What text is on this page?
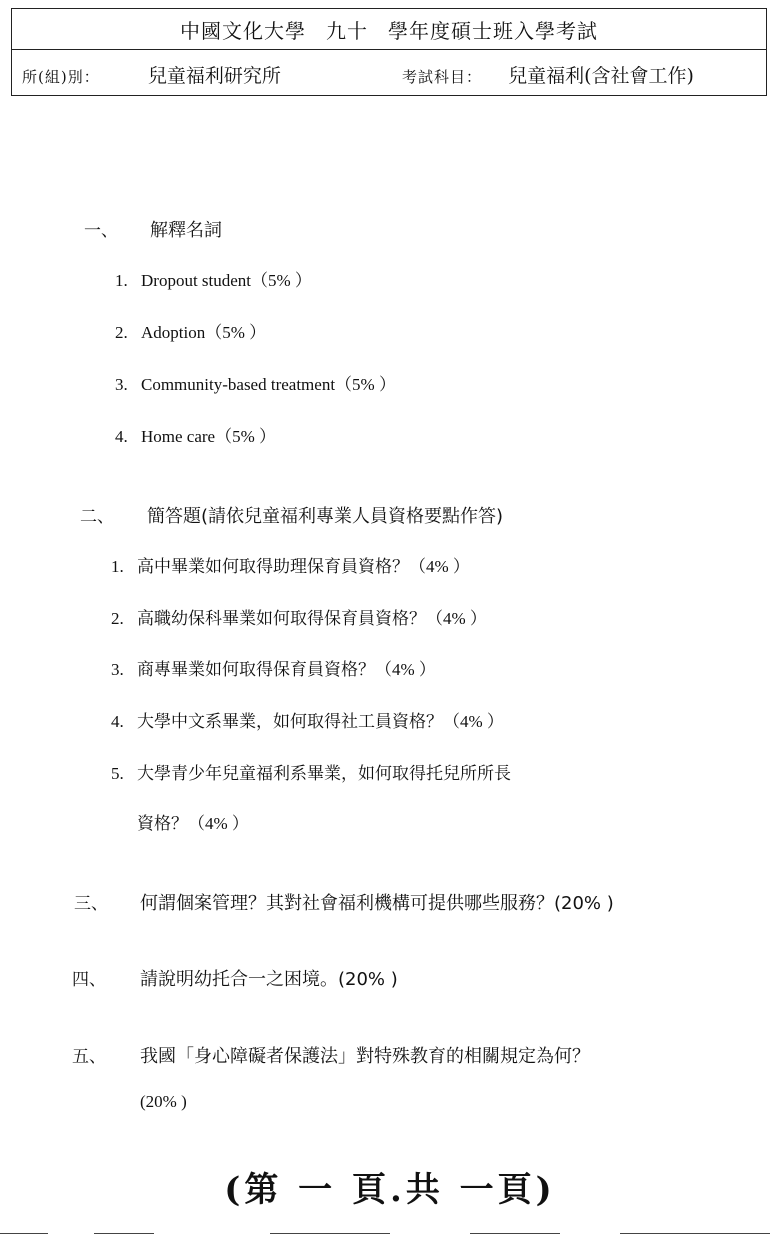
中國文化大學 九十 學年度碩士班入學考試
所(組)別：	兒童福利研究所	考試科目： 兒童福利(含社會工作)
一、 解釋名詞
1. Dropout student（5% ）
2. Adoption（5% ）
3. Community-based treatment（5% ）
4. Home care（5% ）
二、 簡答題(請依兒童福利專業人員資格要點作答)
1. 高中畢業如何取得助理保育員資格？（4% ）
2. 高職幼保科畢業如何取得保育員資格？（4% ）
3. 商專畢業如何取得保育員資格？（4% ）
4. 大學中文系畢業，如何取得社工員資格？（4% ）
5. 大學青少年兒童福利系畢業，如何取得托兒所所長
資格？（4% ）
三、 何謂個案管理？其對社會福利機構可提供哪些服務？(20% )
四、 請說明幼托合一之困境。(20% )
五、 我國「身心障礙者保護法」對特殊教育的相關規定為何？
(20% )
(第 一 頁.共 一頁)
